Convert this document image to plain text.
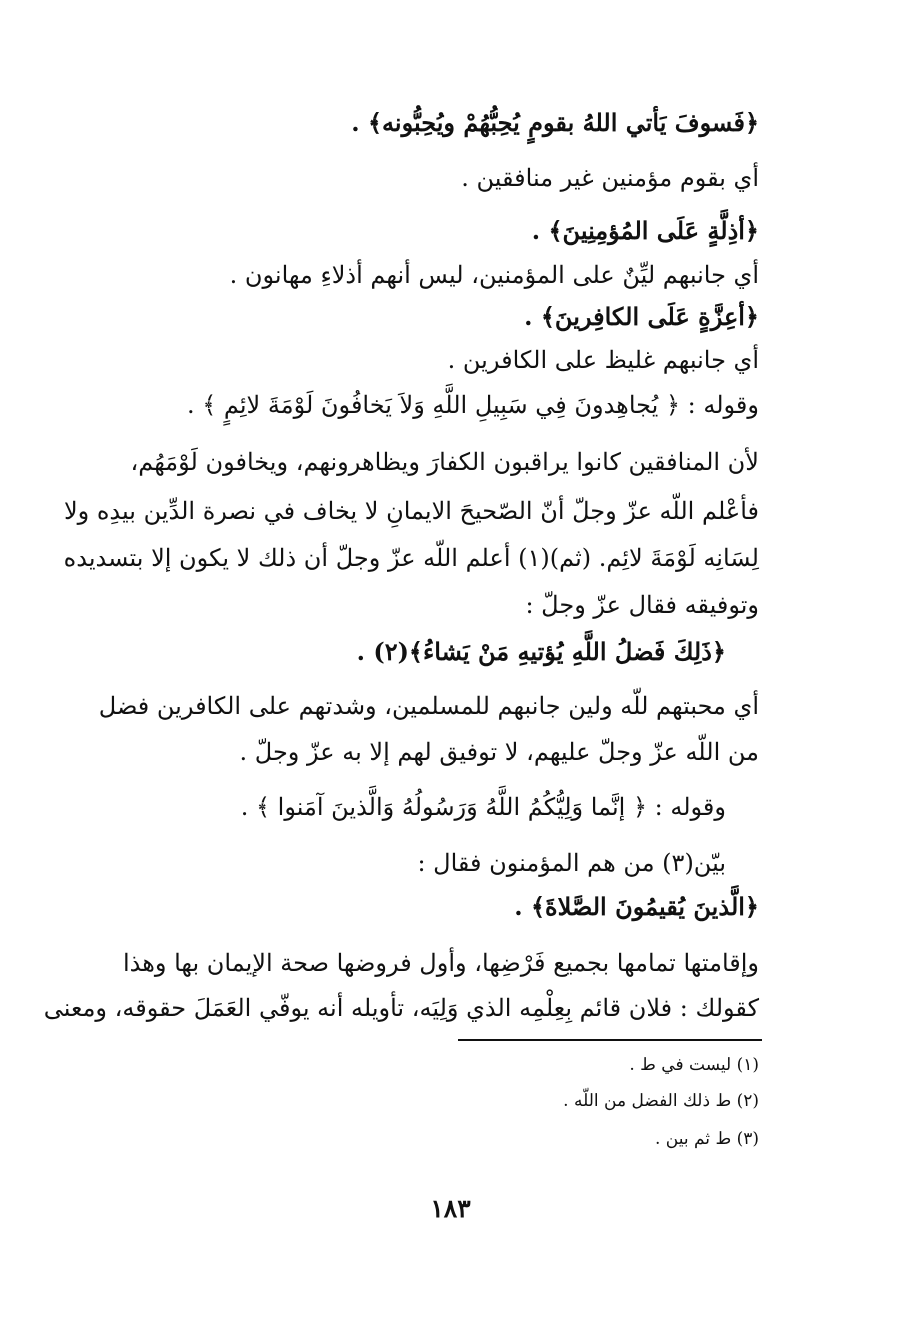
﴿فَسوفَ يَأتي اللهُ بقومٍ يُحِبُّهُمْ ويُحِبُّونه﴾ .
أي بقوم مؤمنين غير منافقين .
﴿أذِلَّةٍ عَلَى المُؤمِنِينَ﴾ .
أي جانبهم ليِّنٌ على المؤمنين، ليس أنهم أذلاءِ مهانون .
﴿أعِزَّةٍ عَلَى الكافِرينَ﴾ .
أي جانبهم غليظ على الكافرين .
وقوله : ﴿ يُجاهِدونَ فِي سَبِيلِ اللَّهِ وَلاَ يَخافُونَ لَوْمَةَ لائِمٍ ﴾ .
لأن المنافقين كانوا يراقبون الكفارَ ويظاهرونهم، ويخافون لَوْمَهُم،
فأعْلم اللّه عزّ وجلّ أنّ الصّحيحَ الايمانِ لا يخاف في نصرة الدِّين بيدِه ولا
لِسَانِه لَوْمَةَ لائِم. (ثم)(١) أعلم اللّه عزّ وجلّ أن ذلك لا يكون إلا بتسديده
وتوفيقه فقال عزّ وجلّ :
﴿ذَلِكَ فَضلُ اللَّهِ يُؤتيهِ مَنْ يَشاءُ﴾(٢) .
أي محبتهم للّه ولين جانبهم للمسلمين، وشدتهم على الكافرين فضل
من اللّه عزّ وجلّ عليهم، لا توفيق لهم إلا به عزّ وجلّ .
وقوله : ﴿ إنَّما وَلِيُّكُمُ اللَّهُ وَرَسُولُهُ وَالَّذينَ آمَنوا ﴾ .
بيّن(٣) من هم المؤمنون فقال :
﴿الَّذينَ يُقيمُونَ الصَّلاةَ﴾ .
وإقامتها تمامها بجميع فَرْضِها، وأول فروضها صحة الإيمان بها وهذا
كقولك : فلان قائم بِعِلْمِه الذي وَلِيَه، تأويله أنه يوفّي العَمَلَ حقوقه، ومعنى
(١) ليست في ط .
(٢) ط ذلك الفضل من اللّه .
(٣) ط ثم بين .
١٨٣
